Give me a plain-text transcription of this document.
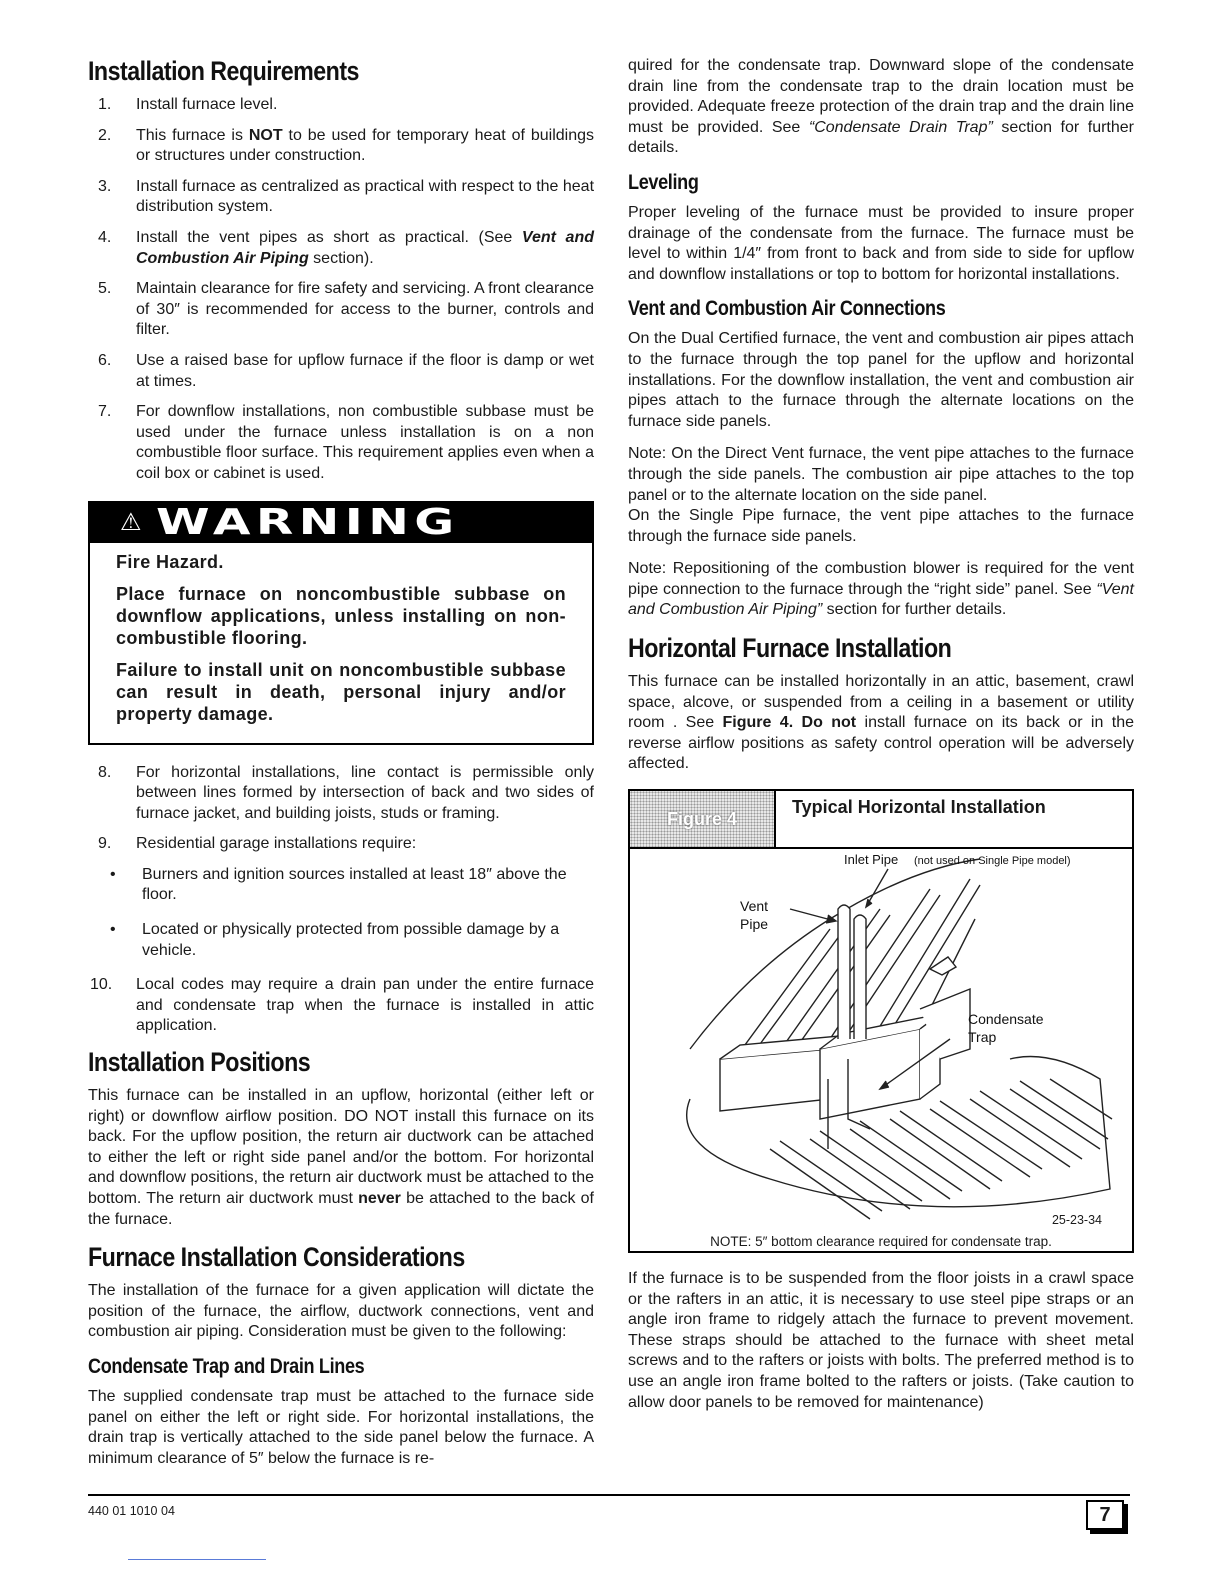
Installation Requirements
1.	Install furnace level.
2.	This furnace is NOT to be used for temporary heat of buildings or structures under construction.
3.	Install furnace as centralized as practical with respect to the heat distribution system.
4.	Install the vent pipes as short as practical. (See Vent and Combustion Air Piping section).
5.	Maintain clearance for fire safety and servicing. A front clearance of 30″ is recommended for access to the burner, controls and filter.
6.	Use a raised base for upflow furnace if the floor is damp or wet at times.
7.	For downflow installations, non combustible subbase must be used under the furnace unless installation is on a non combustible floor surface. This requirement applies even when a coil box or cabinet is used.
⚠ WARNING

Fire Hazard.

Place furnace on noncombustible subbase on downflow applications, unless installing on non-combustible flooring.

Failure to install unit on noncombustible subbase can result in death, personal injury and/or property damage.

8.	For horizontal installations, line contact is permissible only between lines formed by intersection of back and two sides of furnace jacket, and building joists, studs or framing.
9.	Residential garage installations require:
• Burners and ignition sources installed at least 18″ above the floor.
• Located or physically protected from possible damage by a vehicle.
10.	Local codes may require a drain pan under the entire furnace and condensate trap when the furnace is installed in attic application.
Installation Positions

This furnace can be installed in an upflow, horizontal (either left or right) or downflow airflow position. DO NOT install this furnace on its back. For the upflow position, the return air ductwork can be attached to either the left or right side panel and/or the bottom. For horizontal and downflow positions, the return air ductwork must be attached to the bottom. The return air ductwork must never be attached to the back of the furnace.

Furnace Installation Considerations

The installation of the furnace for a given application will dictate the position of the furnace, the airflow, ductwork connections, vent and combustion air piping. Consideration must be given to the following:

Condensate Trap and Drain Lines

The supplied condensate trap must be attached to the furnace side panel on either the left or right side. For horizontal installations, the drain trap is vertically attached to the side panel below the furnace. A minimum clearance of 5″ below the furnace is re-

quired for the condensate trap. Downward slope of the condensate drain line from the condensate trap to the drain location must be provided. Adequate freeze protection of the drain trap and the drain line must be provided. See “Condensate Drain Trap” section for further details.

Leveling

Proper leveling of the furnace must be provided to insure proper drainage of the condensate from the furnace. The furnace must be level to within 1/4″ from front to back and from side to side for upflow and downflow installations or top to bottom for horizontal installations.

Vent and Combustion Air Connections

On the Dual Certified furnace, the vent and combustion air pipes attach to the furnace through the top panel for the upflow and horizontal installations. For the downflow installation, the vent and combustion air pipes attach to the furnace through the alternate locations on the furnace side panels.

Note: On the Direct Vent furnace, the vent pipe attaches to the furnace through the side panels. The combustion air pipe attaches to the top panel or to the alternate location on the side panel.

On the Single Pipe furnace, the vent pipe attaches to the furnace through the furnace side panels.

Note: Repositioning of the combustion blower is required for the vent pipe connection to the furnace through the “right side” panel. See “Vent and Combustion Air Piping” section for further details.

Horizontal Furnace Installation

This furnace can be installed horizontally in an attic, basement, crawl space, alcove, or suspended from a ceiling in a basement or utility room . See Figure 4. Do not install furnace on its back or in the reverse airflow positions as safety control operation will be adversely affected.

Figure 4
Typical Horizontal Installation
Inlet Pipe (not used on Single Pipe model)
Vent
Pipe
Condensate
Trap
25-23-34
NOTE: 5″ bottom clearance required for condensate trap.

If the furnace is to be suspended from the floor joists in a crawl space or the rafters in an attic, it is necessary to use steel pipe straps or an angle iron frame to ridgely attach the furnace to prevent movement. These straps should be attached to the furnace with sheet metal screws and to the rafters or joists with bolts. The preferred method is to use an angle iron frame bolted to the rafters or joists. (Take caution to allow door panels to be removed for maintenance)

440 01 1010 04	7
